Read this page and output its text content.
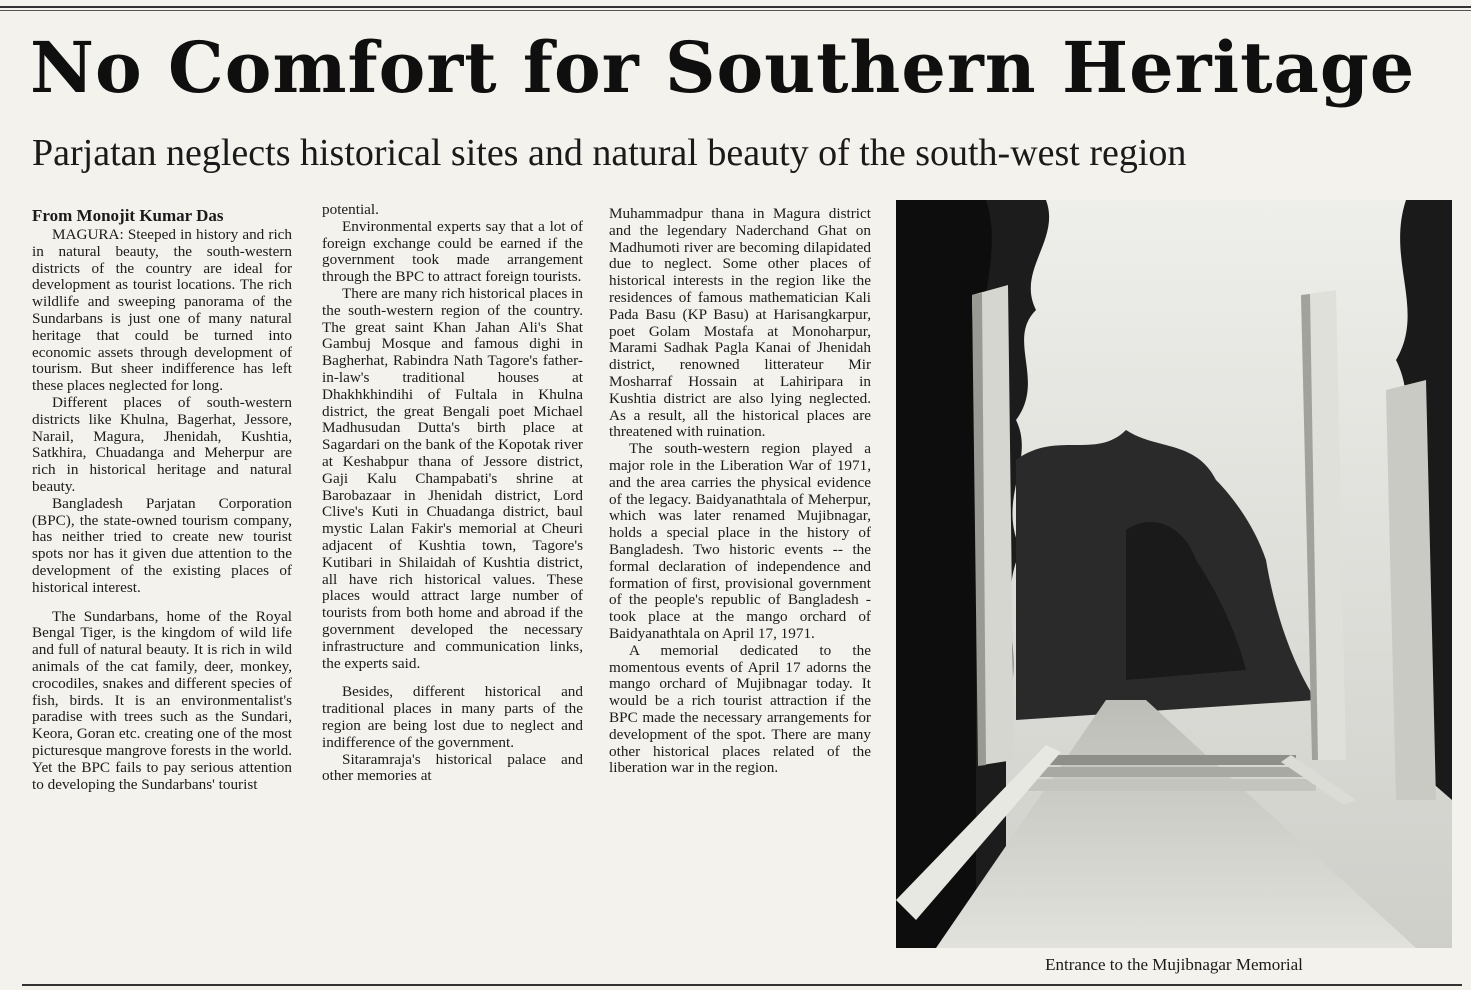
No Comfort for Southern Heritage
Parjatan neglects historical sites and natural beauty of the south-west region

From Monojit Kumar Das

MAGURA: Steeped in history and rich in natural beauty, the south-western districts of the country are ideal for development as tourist locations. The rich wildlife and sweeping panorama of the Sundarbans is just one of many natural heritage that could be turned into economic assets through development of tourism. But sheer indifference has left these places neglected for long.

Different places of south-western districts like Khulna, Bagerhat, Jessore, Narail, Magura, Jhenidah, Kushtia, Satkhira, Chuadanga and Meherpur are rich in historical heritage and natural beauty.

Bangladesh Parjatan Corporation (BPC), the state-owned tourism company, has neither tried to create new tourist spots nor has it given due attention to the development of the existing places of historical interest.

The Sundarbans, home of the Royal Bengal Tiger, is the kingdom of wild life and full of natural beauty. It is rich in wild animals of the cat family, deer, monkey, crocodiles, snakes and different species of fish, birds. It is an environmentalist's paradise with trees such as the Sundari, Keora, Goran etc. creating one of the most picturesque mangrove forests in the world. Yet the BPC fails to pay serious attention to developing the Sundarbans' tourist

potential.

Environmental experts say that a lot of foreign exchange could be earned if the government took made arrangement through the BPC to attract foreign tourists.

There are many rich historical places in the south-western region of the country. The great saint Khan Jahan Ali's Shat Gambuj Mosque and famous dighi in Bagherhat, Rabindra Nath Tagore's father-in-law's traditional houses at Dhakhkhindihi of Fultala in Khulna district, the great Bengali poet Michael Madhusudan Dutta's birth place at Sagardari on the bank of the Kopotak river at Keshabpur thana of Jessore district, Gaji Kalu Champabati's shrine at Barobazaar in Jhenidah district, Lord Clive's Kuti in Chuadanga district, baul mystic Lalan Fakir's memorial at Cheuri adjacent of Kushtia town, Tagore's Kutibari in Shilaidah of Kushtia district, all have rich historical values. These places would attract large number of tourists from both home and abroad if the government developed the necessary infrastructure and communication links, the experts said.

Besides, different historical and traditional places in many parts of the region are being lost due to neglect and indifference of the government.

Sitaramraja's historical palace and other memories at

Muhammadpur thana in Magura district and the legendary Naderchand Ghat on Madhumoti river are becoming dilapidated due to neglect. Some other places of historical interests in the region like the residences of famous mathematician Kali Pada Basu (KP Basu) at Harisangkarpur, poet Golam Mostafa at Monoharpur, Marami Sadhak Pagla Kanai of Jhenidah district, renowned litterateur Mir Mosharraf Hossain at Lahiripara in Kushtia district are also lying neglected. As a result, all the historical places are threatened with ruination.

The south-western region played a major role in the Liberation War of 1971, and the area carries the physical evidence of the legacy. Baidyanathtala of Meherpur, which was later renamed Mujibnagar, holds a special place in the history of Bangladesh. Two historic events -- the formal declaration of independence and formation of first, provisional government of the people's republic of Bangladesh - took place at the mango orchard of Baidyanathtala on April 17, 1971.

A memorial dedicated to the momentous events of April 17 adorns the mango orchard of Mujibnagar today. It would be a rich tourist attraction if the BPC made the necessary arrangements for development of the spot. There are many other historical places related of the liberation war in the region.

Entrance to the Mujibnagar Memorial
